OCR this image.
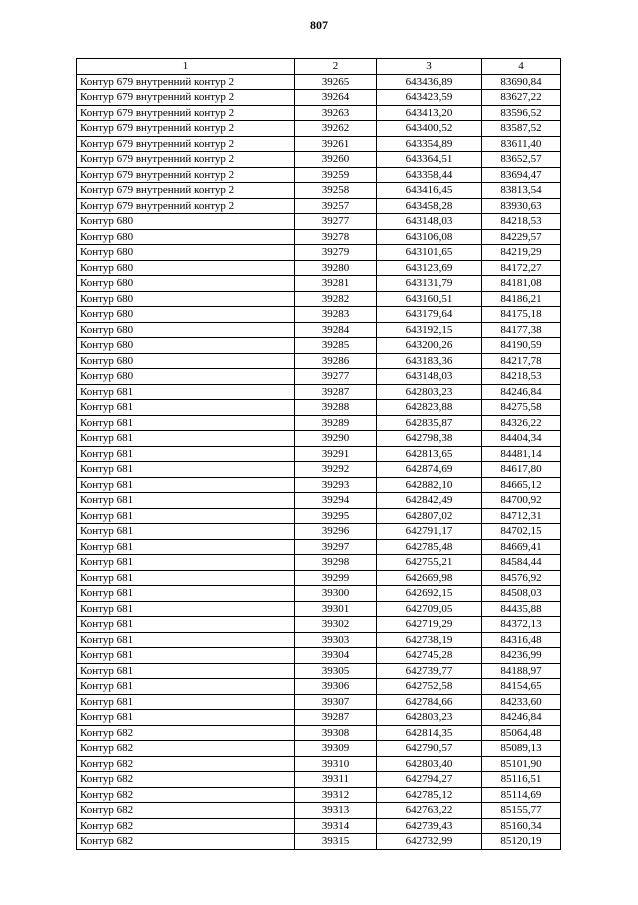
807
1	2	3	4
Контур 679 внутренний контур 2	39265	643436,89	83690,84
Контур 679 внутренний контур 2	39264	643423,59	83627,22
Контур 679 внутренний контур 2	39263	643413,20	83596,52
Контур 679 внутренний контур 2	39262	643400,52	83587,52
Контур 679 внутренний контур 2	39261	643354,89	83611,40
Контур 679 внутренний контур 2	39260	643364,51	83652,57
Контур 679 внутренний контур 2	39259	643358,44	83694,47
Контур 679 внутренний контур 2	39258	643416,45	83813,54
Контур 679 внутренний контур 2	39257	643458,28	83930,63
Контур 680	39277	643148,03	84218,53
Контур 680	39278	643106,08	84229,57
Контур 680	39279	643101,65	84219,29
Контур 680	39280	643123,69	84172,27
Контур 680	39281	643131,79	84181,08
Контур 680	39282	643160,51	84186,21
Контур 680	39283	643179,64	84175,18
Контур 680	39284	643192,15	84177,38
Контур 680	39285	643200,26	84190,59
Контур 680	39286	643183,36	84217,78
Контур 680	39277	643148,03	84218,53
Контур 681	39287	642803,23	84246,84
Контур 681	39288	642823,88	84275,58
Контур 681	39289	642835,87	84326,22
Контур 681	39290	642798,38	84404,34
Контур 681	39291	642813,65	84481,14
Контур 681	39292	642874,69	84617,80
Контур 681	39293	642882,10	84665,12
Контур 681	39294	642842,49	84700,92
Контур 681	39295	642807,02	84712,31
Контур 681	39296	642791,17	84702,15
Контур 681	39297	642785,48	84669,41
Контур 681	39298	642755,21	84584,44
Контур 681	39299	642669,98	84576,92
Контур 681	39300	642692,15	84508,03
Контур 681	39301	642709,05	84435,88
Контур 681	39302	642719,29	84372,13
Контур 681	39303	642738,19	84316,48
Контур 681	39304	642745,28	84236,99
Контур 681	39305	642739,77	84188,97
Контур 681	39306	642752,58	84154,65
Контур 681	39307	642784,66	84233,60
Контур 681	39287	642803,23	84246,84
Контур 682	39308	642814,35	85064,48
Контур 682	39309	642790,57	85089,13
Контур 682	39310	642803,40	85101,90
Контур 682	39311	642794,27	85116,51
Контур 682	39312	642785,12	85114,69
Контур 682	39313	642763,22	85155,77
Контур 682	39314	642739,43	85160,34
Контур 682	39315	642732,99	85120,19
